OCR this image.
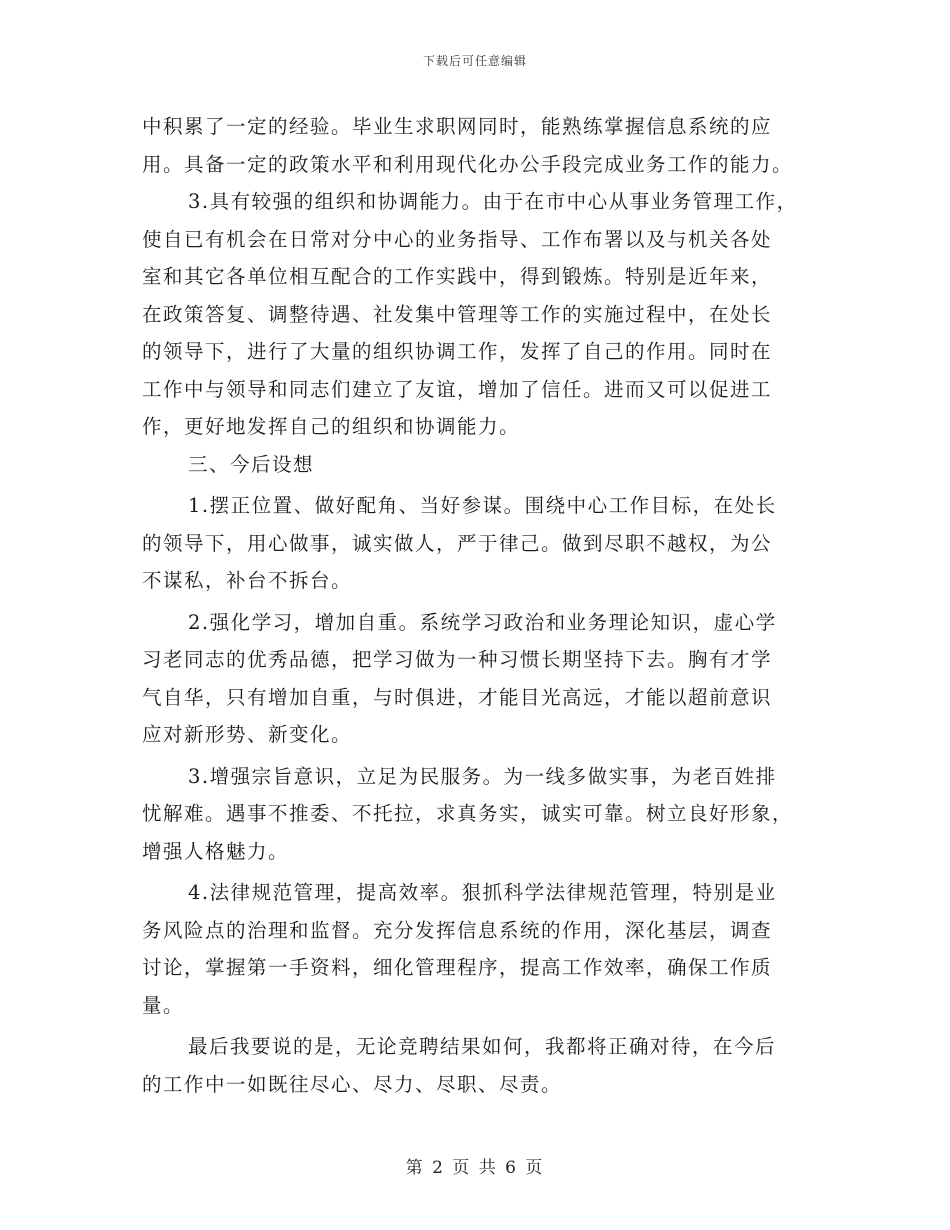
下载后可任意编辑
中积累了一定的经验。毕业生求职网同时，能熟练掌握信息系统的应
用。具备一定的政策水平和利用现代化办公手段完成业务工作的能力。
3.具有较强的组织和协调能力。由于在市中心从事业务管理工作，
使自已有机会在日常对分中心的业务指导、工作布署以及与机关各处
室和其它各单位相互配合的工作实践中，得到锻炼。特别是近年来，
在政策答复、调整待遇、社发集中管理等工作的实施过程中，在处长
的领导下，进行了大量的组织协调工作，发挥了自己的作用。同时在
工作中与领导和同志们建立了友谊，增加了信任。进而又可以促进工
作，更好地发挥自己的组织和协调能力。
三、今后设想
1.摆正位置、做好配角、当好参谋。围绕中心工作目标，在处长
的领导下，用心做事，诚实做人，严于律己。做到尽职不越权，为公
不谋私，补台不拆台。
2.强化学习，增加自重。系统学习政治和业务理论知识，虚心学
习老同志的优秀品德，把学习做为一种习惯长期坚持下去。胸有才学
气自华，只有增加自重，与时俱进，才能目光高远，才能以超前意识
应对新形势、新变化。
3.增强宗旨意识，立足为民服务。为一线多做实事，为老百姓排
忧解难。遇事不推委、不托拉，求真务实，诚实可靠。树立良好形象，
增强人格魅力。
4.法律规范管理，提高效率。狠抓科学法律规范管理，特别是业
务风险点的治理和监督。充分发挥信息系统的作用，深化基层，调查
讨论，掌握第一手资料，细化管理程序，提高工作效率，确保工作质
量。
最后我要说的是，无论竞聘结果如何，我都将正确对待，在今后
的工作中一如既往尽心、尽力、尽职、尽责。
第 2 页 共 6 页
